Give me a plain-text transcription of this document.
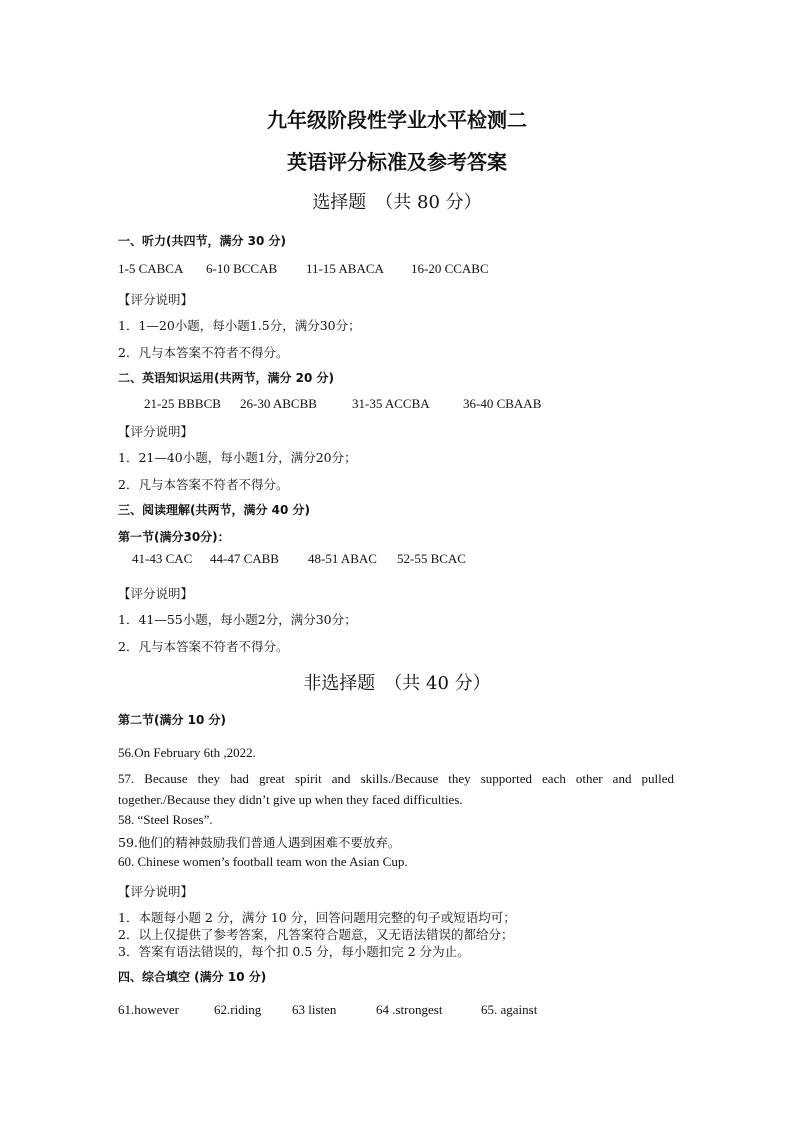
九年级阶段性学业水平检测二
英语评分标准及参考答案
选择题　（共 80 分）
一、听力(共四节，满分 30 分)
1-5 CABCA 6-10 BCCAB 11-15 ABACA 16-20 CCABC
【评分说明】
1．1—20小题，每小题1.5分，满分30分；
2．凡与本答案不符者不得分。
二、英语知识运用(共两节，满分 20 分)
21-25 BBBCB 26-30 ABCBB	31-35 ACCBA	36-40 CBAAB
【评分说明】
1．21—40小题，每小题1分，满分20分；
2．凡与本答案不符者不得分。
三、阅读理解(共两节，满分 40 分)
第一节(满分30分)：
41-43 CAC 44-47 CABB 48-51 ABAC 52-55 BCAC
【评分说明】
1．41—55小题，每小题2分，满分30分；
2．凡与本答案不符者不得分。
非选择题　（共 40 分）
第二节(满分 10 分)
56.On February 6th ,2022.
57. Because they had great spirit and skills./Because they supported each other and pulled together./Because they didn’t give up when they faced difficulties.
58. “Steel Roses”.
59.他们的精神鼓励我们普通人遇到困难不要放弃。
60. Chinese women’s football team won the Asian Cup.
【评分说明】
1．本题每小题 2 分，满分 10 分，回答问题用完整的句子或短语均可；
2．以上仅提供了参考答案，凡答案符合题意，又无语法错误的都给分；
3．答案有语法错误的，每个扣 0.5 分，每小题扣完 2 分为止。
四、综合填空 (满分 10 分)
61.however	62.riding 63 listen	64 .strongest	65. against
